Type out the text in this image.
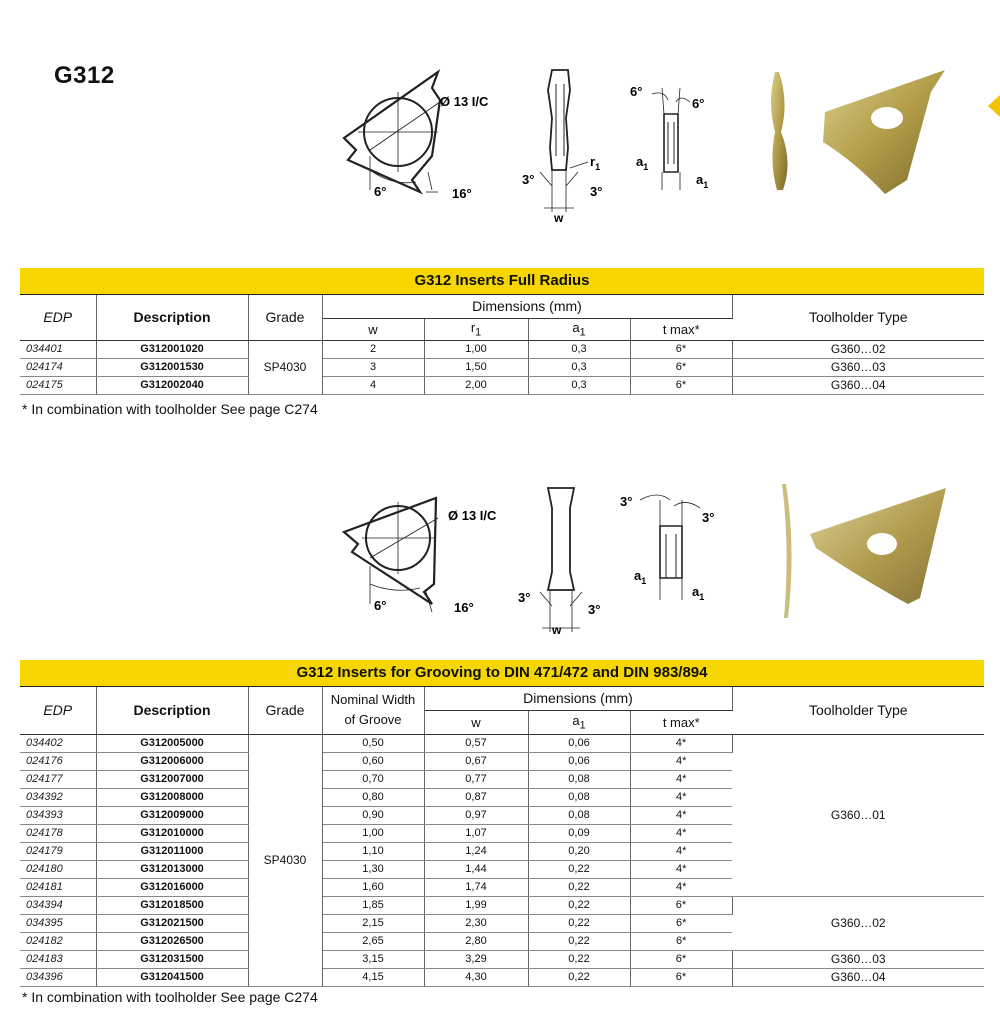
G312
Ø 13 I/C
6°	16°
3°
3°
$r_1$
w
6°
6°
$a_1$
$a_1$
G312 Inserts Full Radius
EDP	Description	Grade	Dimensions (mm)				Toolholder Type
			w	$r_1$	$a_1$	t max*	
034401	G312001020	SP4030	2	1,00	0,3	6*	G360…02
024174	G312001530		3	1,50	0,3	6*	G360…03
024175	G312002040		4	2,00	0,3	6*	G360…04
* In combination with toolholder See page C274
Ø 13 I/C
6°	16°
3°
3°
w
3°
3°
$a_1$
$a_1$
G312 Inserts for Grooving to DIN 471/472 and DIN 983/894
EDP	Description	Grade	Nominal Width
of Groove	Dimensions (mm)			Toolholder Type
				w	$a_1$	t max*	
034402	G312005000	SP4030	0,50	0,57	0,06	4*	G360…01
024176	G312006000		0,60	0,67	0,06	4*	
024177	G312007000		0,70	0,77	0,08	4*	
034392	G312008000		0,80	0,87	0,08	4*	
034393	G312009000		0,90	0,97	0,08	4*	
024178	G312010000		1,00	1,07	0,09	4*	
024179	G312011000		1,10	1,24	0,20	4*	
024180	G312013000		1,30	1,44	0,22	4*	
024181	G312016000		1,60	1,74	0,22	4*	
034394	G312018500		1,85	1,99	0,22	6*	G360…02
034395	G312021500		2,15	2,30	0,22	6*	
024182	G312026500		2,65	2,80	0,22	6*	
024183	G312031500		3,15	3,29	0,22	6*	G360…03
034396	G312041500		4,15	4,30	0,22	6*	G360…04
* In combination with toolholder See page C274
